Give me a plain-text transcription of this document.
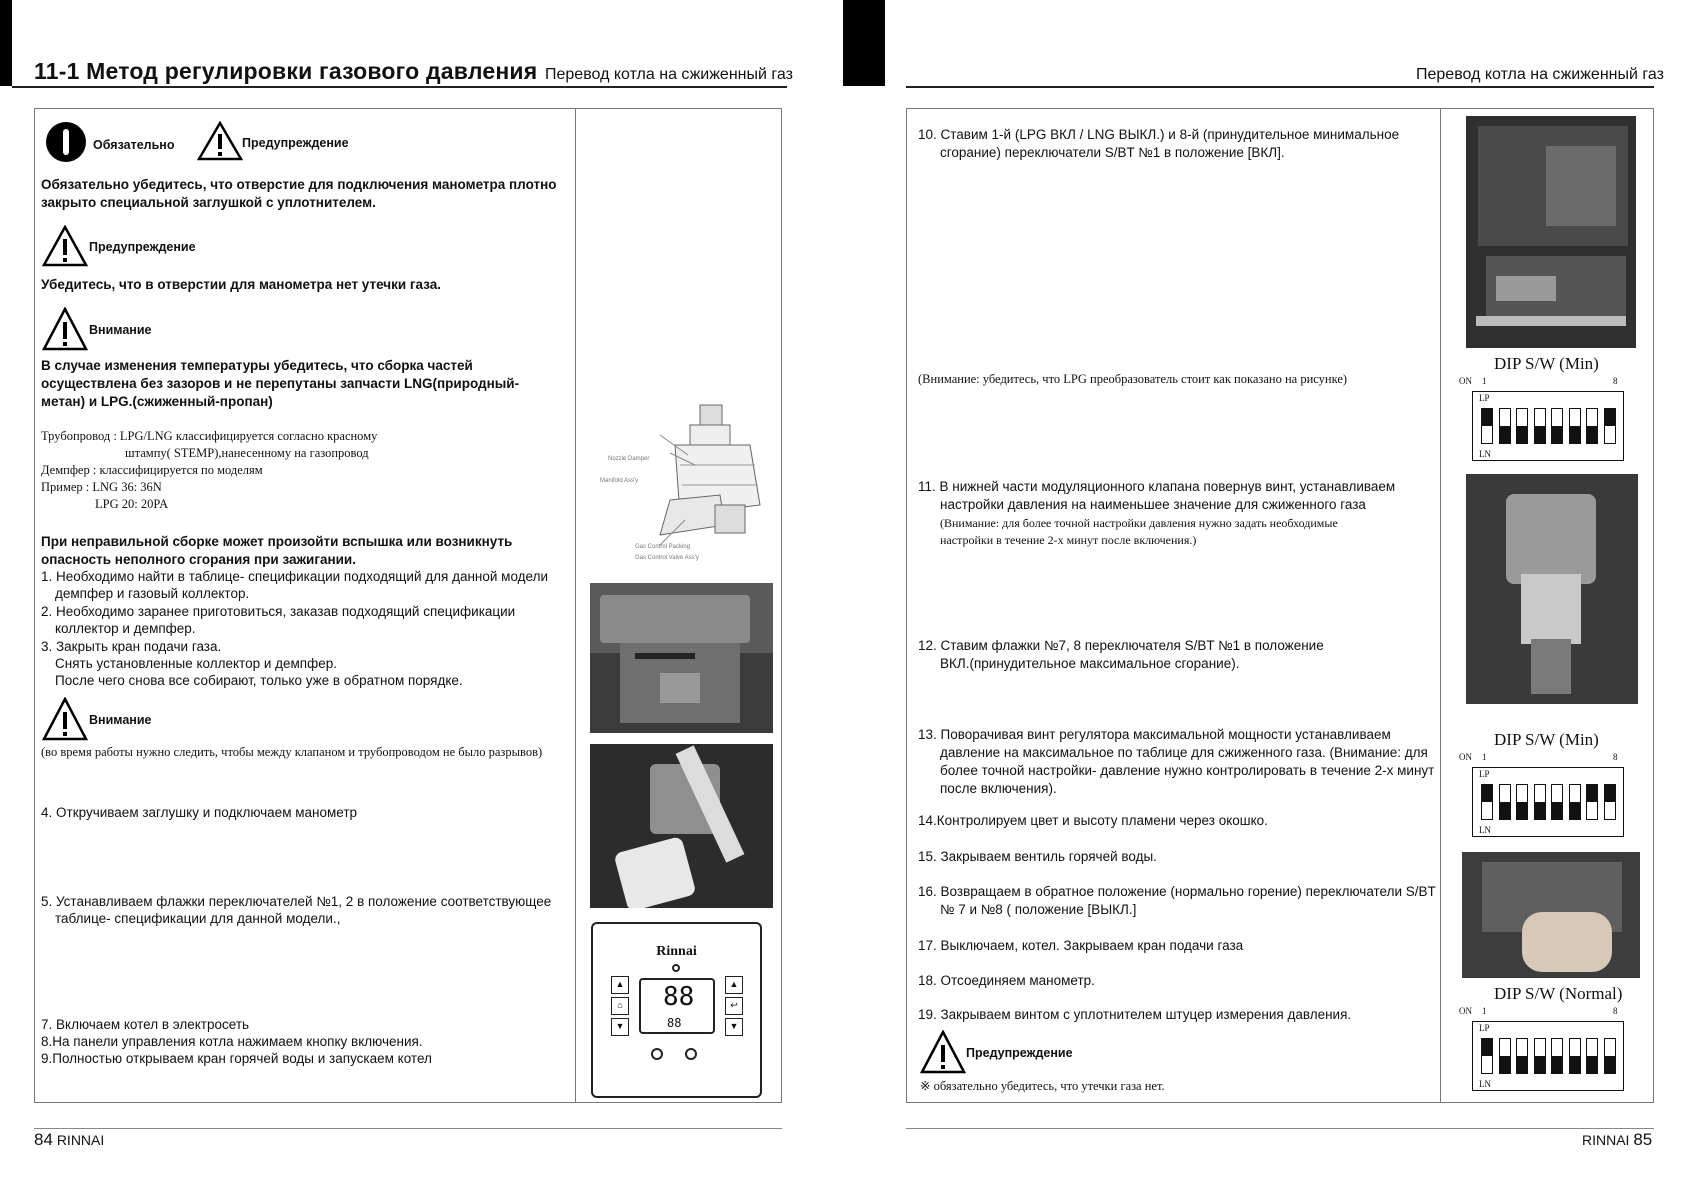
11-1 Метод регулировки газового давления Перевод котла на сжиженный газ
Обязательно	Предупреждение
Обязательно убедитесь, что отверстие для подключения манометра плотно закрыто специальной заглушкой с уплотнителем.
Предупреждение
Убедитесь, что в отверстии для манометра нет утечки газа.
Внимание
В случае изменения температуры убедитесь, что сборка частей осуществлена без зазоров и не перепутаны запчасти LNG(природный-метан) и LPG.(сжиженный-пропан)
Трубопровод : LPG/LNG классифицируется согласно красному
штампу( STEMP),нанесенному на газопровод
Демпфер : классифицируется по моделям
Пример : LNG 36: 36N
LPG 20: 20PA
При неправильной сборке может произойти вспышка или возникнуть опасность неполного сгорания при зажигании.
1. Необходимо найти в таблице- спецификации подходящий для данной модели демпфер и газовый коллектор.
2. Необходимо заранее приготовиться, заказав подходящий спецификации коллектор и демпфер.
3. Закрыть кран подачи газа.
Снять установленные коллектор и демпфер.
После чего снова все собирают, только уже в обратном порядке.
Внимание
(во время работы нужно следить, чтобы между клапаном и трубопроводом не было разрывов)
4. Откручиваем заглушку и подключаем манометр
5. Устанавливаем флажки переключателей №1, 2 в положение соответствующее таблице- спецификации для данной модели.,
7. Включаем котел в электросеть
8.На панели управления котла нажимаем кнопку включения.
9.Полностью открываем кран горячей воды и запускаем котел
Nozzle Damper
Manifold Ass'y
Gas Control Packing
Gas Control Valve Ass'y
Rinnai
▲
⌂
▼
88
88
▲
↩
▼
84 RINNAI
Перевод котла на сжиженный газ
10. Ставим 1-й (LPG ВКЛ / LNG ВЫКЛ.) и 8-й (принудительное минимальное сгорание) переключатели S/BT №1 в положение [ВКЛ].
(Внимание: убедитесь, что LPG преобразователь стоит как показано на рисунке)
11. В нижней части модуляционного клапана повернув винт, устанавливаем настройки давления на наименьшее значение для сжиженного газа
(Внимание: для более точной настройки давления нужно задать необходимые настройки в течение 2-х минут после включения.)
12. Ставим флажки №7, 8 переключателя S/BT №1 в положение ВКЛ.(принудительное максимальное сгорание).
13. Поворачивая винт регулятора максимальной мощности устанавливаем давление на максимальное по таблице для сжиженного газа. (Внимание: для более точной настройки- давление нужно контролировать в течение 2-х минут после включения).
14.Контролируем цвет и высоту пламени через окошко.
15. Закрываем вентиль горячей воды.
16. Возвращаем в обратное положение (нормально горение) переключатели S/BT № 7 и №8 ( положение [ВЫКЛ.]
17. Выключаем, котел. Закрываем кран подачи газа
18. Отсоединяем манометр.
19. Закрываем винтом с уплотнителем штуцер измерения давления.
Предупреждение
※ обязательно убедитесь, что утечки газа нет.
DIP S/W (Min)
ON 1	8
LP
LN
DIP S/W (Min)
ON 1	8
LP
LN
DIP S/W (Normal)
ON 1	8
LP
LN
RINNAI 85
